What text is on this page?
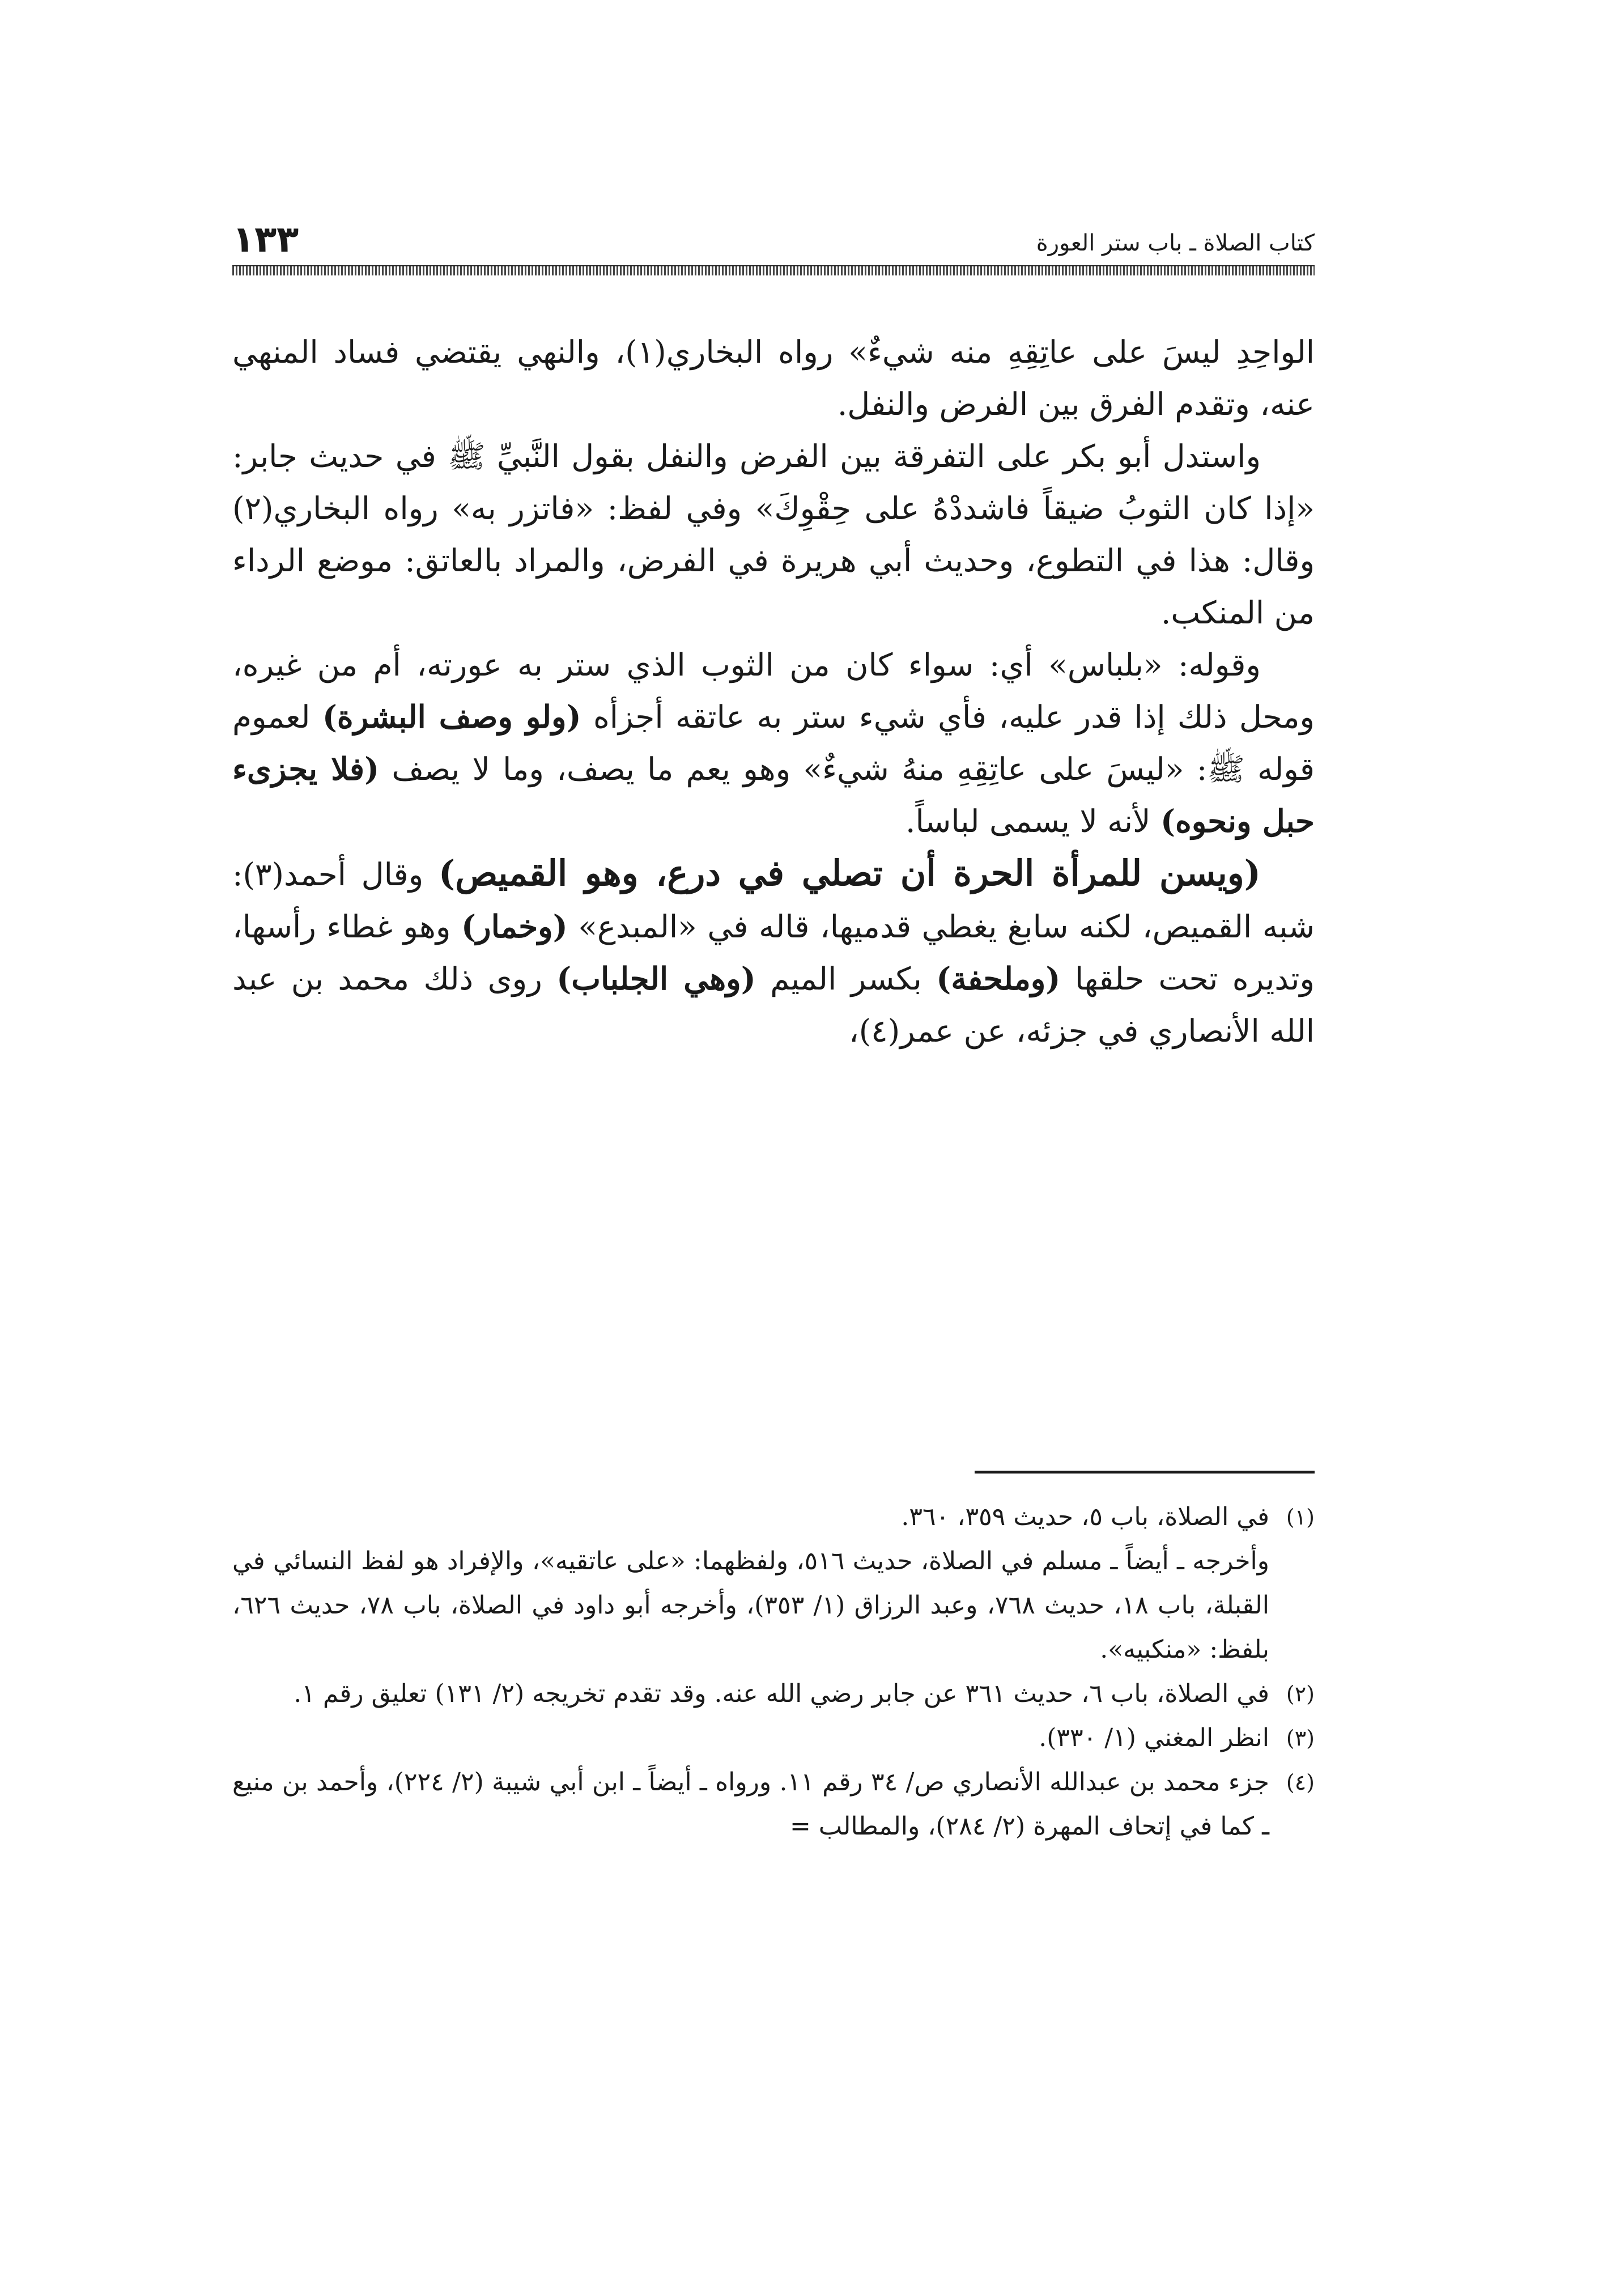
كتاب الصلاة ـ باب ستر العورة
١٣٣

الواحِدِ ليسَ على عاتِقِهِ منه شيءٌ» رواه البخاري(١)، والنهي يقتضي فساد المنهي عنه، وتقدم الفرق بين الفرض والنفل.

واستدل أبو بكر على التفرقة بين الفرض والنفل بقول النَّبيِّ ﷺ في حديث جابر: «إذا كان الثوبُ ضيقاً فاشددْهُ على حِقْوِكَ» وفي لفظ: «فاتزر به» رواه البخاري(٢) وقال: هذا في التطوع، وحديث أبي هريرة في الفرض، والمراد بالعاتق: موضع الرداء من المنكب.

وقوله: «بلباس» أي: سواء كان من الثوب الذي ستر به عورته، أم من غيره، ومحل ذلك إذا قدر عليه، فأي شيء ستر به عاتقه أجزأه (ولو وصف البشرة) لعموم قوله ﷺ: «ليسَ على عاتِقِهِ منهُ شيءٌ» وهو يعم ما يصف، وما لا يصف (فلا يجزىء حبل ونحوه) لأنه لا يسمى لباساً.

(ويسن للمرأة الحرة أن تصلي في درع، وهو القميص) وقال أحمد(٣): شبه القميص، لكنه سابغ يغطي قدميها، قاله في «المبدع» (وخمار) وهو غطاء رأسها، وتديره تحت حلقها (وملحفة) بكسر الميم (وهي الجلباب) روى ذلك محمد بن عبد الله الأنصاري في جزئه، عن عمر(٤)،

(١)
في الصلاة، باب ٥، حديث ٣٥٩، ٣٦٠.
وأخرجه ـ أيضاً ـ مسلم في الصلاة، حديث ٥١٦، ولفظهما: «على عاتقيه»، والإفراد هو لفظ النسائي في القبلة، باب ١٨، حديث ٧٦٨، وعبد الرزاق (١/ ٣٥٣)، وأخرجه أبو داود في الصلاة، باب ٧٨، حديث ٦٢٦، بلفظ: «منكبيه».
(٢)
في الصلاة، باب ٦، حديث ٣٦١ عن جابر رضي الله عنه. وقد تقدم تخريجه (٢/ ١٣١) تعليق رقم ١.
(٣)
انظر المغني (١/ ٣٣٠).
(٤)
جزء محمد بن عبدالله الأنصاري ص/ ٣٤ رقم ١١. ورواه ـ أيضاً ـ ابن أبي شيبة (٢/ ٢٢٤)، وأحمد بن منيع ـ كما في إتحاف المهرة (٢/ ٢٨٤)، والمطالب =
